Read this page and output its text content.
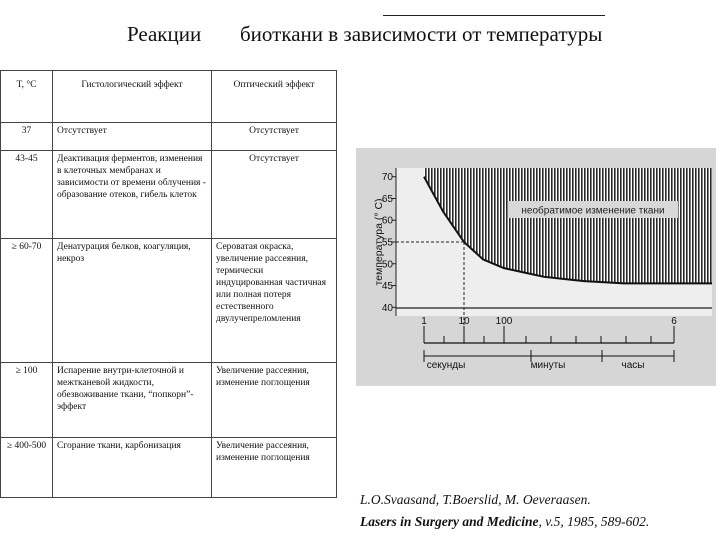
Реакции биоткани в зависимости от температуры
T, °C	Гистологический эффект	Оптический эффект
37	Отсутствует	Отсутствует
43-45	Деактивация ферментов, изменения в клеточных мембранах и зависимости от времени облучения - образование отеков, гибель клеток	Отсутствует
≥ 60-70	Денатурация белков, коагуляция, некроз	Сероватая окраска, увеличение рассеяния, термически индуцированная частичная или полная потеря естественного двулучепреломления
≥ 100	Испарение внутри-клеточной и межтканевой жидкости, обезвоживание ткани, “попкорн”- эффект	Увеличение рассеяния, изменение поглощения
≥ 400-500	Сгорание ткани, карбонизация	Увеличение рассеяния, изменение поглощения
необратимое изменение ткани
40
45
50
55
60
65
70
температура (° С)
1	10	100	6
секунды	минуты	часы
L.O.Svaasand, T.Boerslid, M. Oeveraasen.
Lasers in Surgery and Medicine, v.5, 1985, 589-602.
